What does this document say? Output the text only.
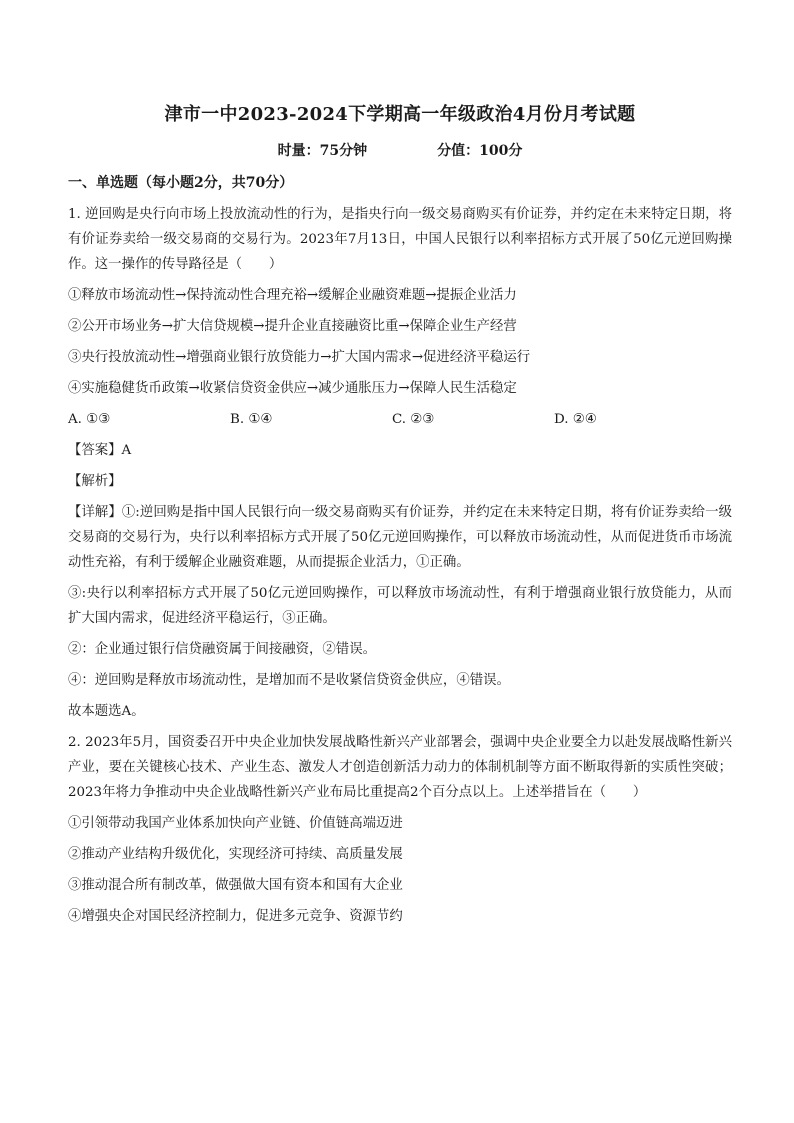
津市一中2023-2024下学期高一年级政治4月份月考试题
时量：75分钟	分值：100分
一、单选题（每小题2分，共70分）

1. 逆回购是央行向市场上投放流动性的行为，是指央行向一级交易商购买有价证券，并约定在未来特定日期，将有价证券卖给一级交易商的交易行为。2023年7月13日，中国人民银行以利率招标方式开展了50亿元逆回购操作。这一操作的传导路径是（　　）

①释放市场流动性→保持流动性合理充裕→缓解企业融资难题→提振企业活力

②公开市场业务→扩大信贷规模→提升企业直接融资比重→保障企业生产经营

③央行投放流动性→增强商业银行放贷能力→扩大国内需求→促进经济平稳运行

④实施稳健货币政策→收紧信贷资金供应→减少通胀压力→保障人民生活稳定

A. ①③	B. ①④	C. ②③	D. ②④

【答案】A

【解析】

【详解】①:逆回购是指中国人民银行向一级交易商购买有价证券，并约定在未来特定日期，将有价证券卖给一级交易商的交易行为，央行以利率招标方式开展了50亿元逆回购操作，可以释放市场流动性，从而促进货币市场流动性充裕，有利于缓解企业融资难题，从而提振企业活力，①正确。

③:央行以利率招标方式开展了50亿元逆回购操作，可以释放市场流动性，有利于增强商业银行放贷能力，从而扩大国内需求，促进经济平稳运行，③正确。

②：企业通过银行信贷融资属于间接融资，②错误。

④：逆回购是释放市场流动性，是增加而不是收紧信贷资金供应，④错误。

故本题选A。

2. 2023年5月，国资委召开中央企业加快发展战略性新兴产业部署会，强调中央企业要全力以赴发展战略性新兴产业，要在关键核心技术、产业生态、激发人才创造创新活力动力的体制机制等方面不断取得新的实质性突破；2023年将力争推动中央企业战略性新兴产业布局比重提高2个百分点以上。上述举措旨在（　　）

①引领带动我国产业体系加快向产业链、价值链高端迈进

②推动产业结构升级优化，实现经济可持续、高质量发展

③推动混合所有制改革，做强做大国有资本和国有大企业

④增强央企对国民经济控制力，促进多元竞争、资源节约
